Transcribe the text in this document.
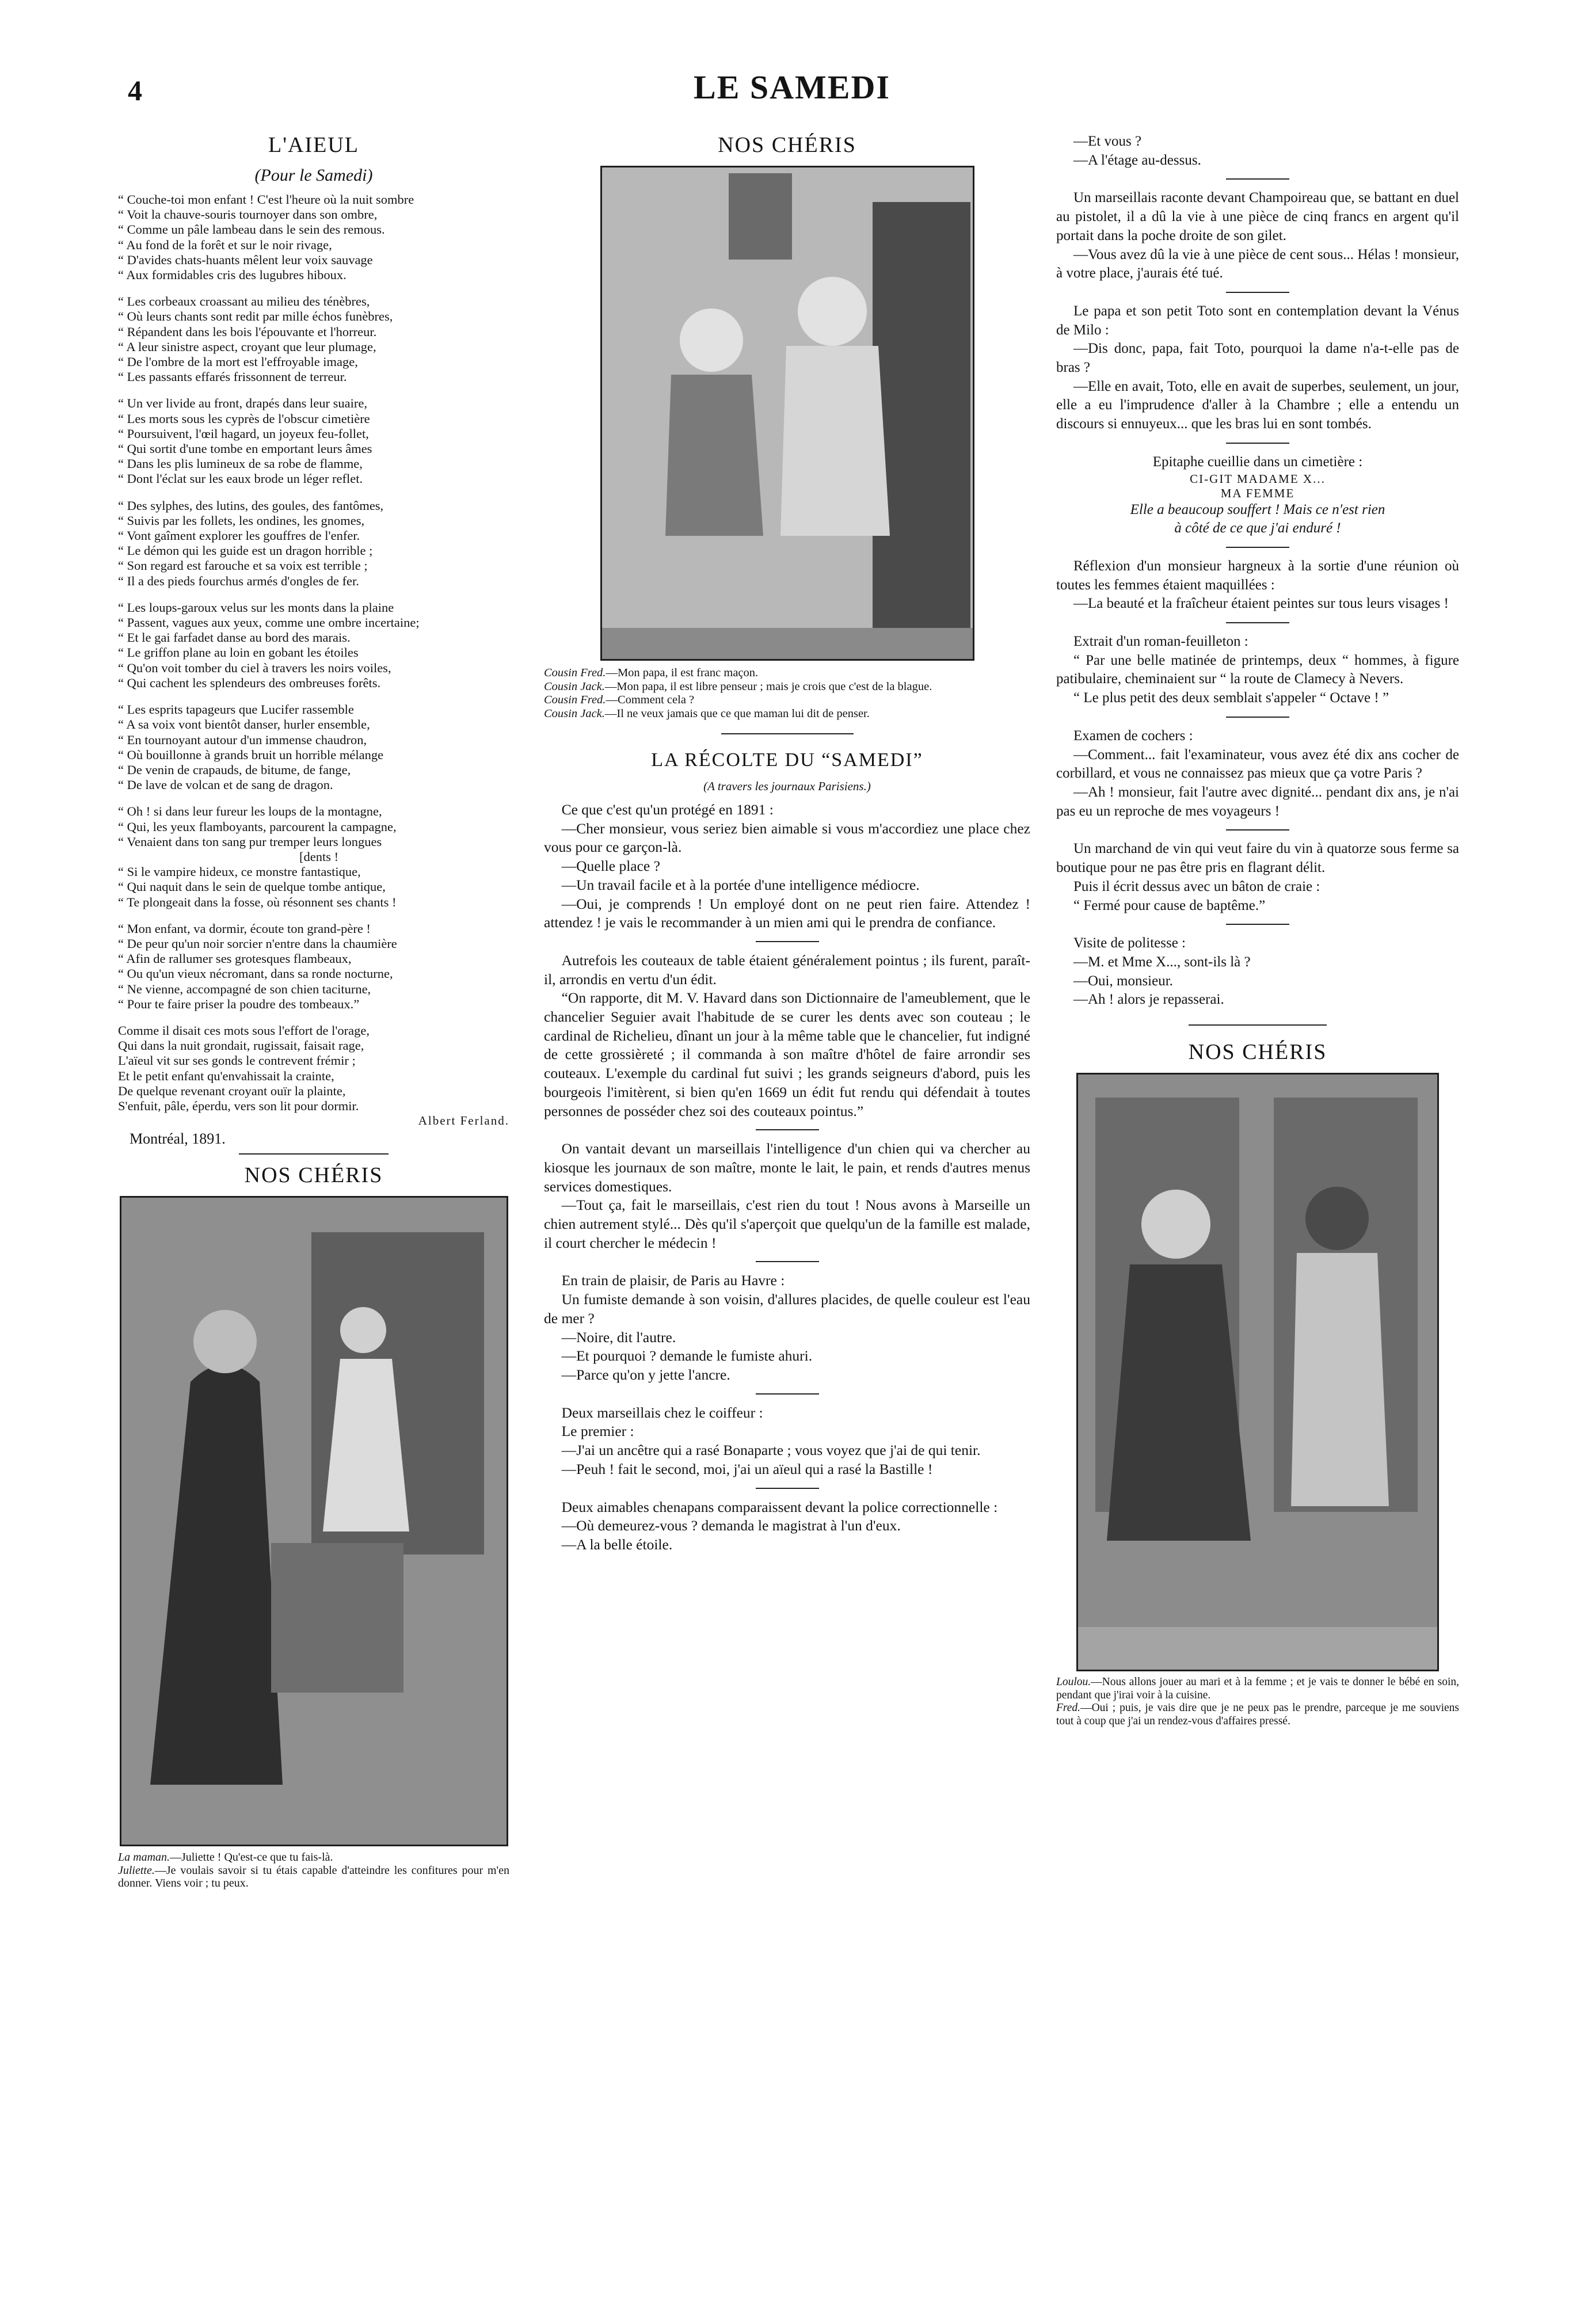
4	LE SAMEDI
L'AIEUL
(Pour le Samedi)
“ Couche-toi mon enfant ! C'est l'heure où la nuit sombre
“ Voit la chauve-souris tournoyer dans son ombre,
“ Comme un pâle lambeau dans le sein des remous.
“ Au fond de la forêt et sur le noir rivage,
“ D'avides chats-huants mêlent leur voix sauvage
“ Aux formidables cris des lugubres hiboux.
“ Les corbeaux croassant au milieu des ténèbres,
“ Où leurs chants sont redit par mille échos funèbres,
“ Répandent dans les bois l'épouvante et l'horreur.
“ A leur sinistre aspect, croyant que leur plumage,
“ De l'ombre de la mort est l'effroyable image,
“ Les passants effarés frissonnent de terreur.
“ Un ver livide au front, drapés dans leur suaire,
“ Les morts sous les cyprès de l'obscur cimetière
“ Poursuivent, l'œil hagard, un joyeux feu-follet,
“ Qui sortit d'une tombe en emportant leurs âmes
“ Dans les plis lumineux de sa robe de flamme,
“ Dont l'éclat sur les eaux brode un léger reflet.
“ Des sylphes, des lutins, des goules, des fantômes,
“ Suivis par les follets, les ondines, les gnomes,
“ Vont gaîment explorer les gouffres de l'enfer.
“ Le démon qui les guide est un dragon horrible ;
“ Son regard est farouche et sa voix est terrible ;
“ Il a des pieds fourchus armés d'ongles de fer.
“ Les loups-garoux velus sur les monts dans la plaine
“ Passent, vagues aux yeux, comme une ombre incertaine;
“ Et le gai farfadet danse au bord des marais.
“ Le griffon plane au loin en gobant les étoiles
“ Qu'on voit tomber du ciel à travers les noirs voiles,
“ Qui cachent les splendeurs des ombreuses forêts.
“ Les esprits tapageurs que Lucifer rassemble
“ A sa voix vont bientôt danser, hurler ensemble,
“ En tournoyant autour d'un immense chaudron,
“ Où bouillonne à grands bruit un horrible mélange
“ De venin de crapauds, de bitume, de fange,
“ De lave de volcan et de sang de dragon.
“ Oh ! si dans leur fureur les loups de la montagne,
“ Qui, les yeux flamboyants, parcourent la campagne,
“ Venaient dans ton sang pur tremper leurs longues
[dents !
“ Si le vampire hideux, ce monstre fantastique,
“ Qui naquit dans le sein de quelque tombe antique,
“ Te plongeait dans la fosse, où résonnent ses chants !
“ Mon enfant, va dormir, écoute ton grand-père !
“ De peur qu'un noir sorcier n'entre dans la chaumière
“ Afin de rallumer ses grotesques flambeaux,
“ Ou qu'un vieux nécromant, dans sa ronde nocturne,
“ Ne vienne, accompagné de son chien taciturne,
“ Pour te faire priser la poudre des tombeaux.”
Comme il disait ces mots sous l'effort de l'orage,
Qui dans la nuit grondait, rugissait, faisait rage,
L'aïeul vit sur ses gonds le contrevent frémir ;
Et le petit enfant qu'envahissait la crainte,
De quelque revenant croyant ouïr la plainte,
S'enfuit, pâle, éperdu, vers son lit pour dormir.
Albert Ferland.
Montréal, 1891.
NOS CHÉRIS
La maman.—Juliette ! Qu'est-ce que tu fais-là.
Juliette.—Je voulais savoir si tu étais capable d'atteindre les confitures pour m'en donner. Viens voir ; tu peux.
NOS CHÉRIS
Cousin Fred.—Mon papa, il est franc maçon.
Cousin Jack.—Mon papa, il est libre penseur ; mais je crois que c'est de la blague.
Cousin Fred.—Comment cela ?
Cousin Jack.—Il ne veux jamais que ce que maman lui dit de penser.
LA RÉCOLTE DU “SAMEDI”
(A travers les journaux Parisiens.)

Ce que c'est qu'un protégé en 1891 :

—Cher monsieur, vous seriez bien aimable si vous m'accordiez une place chez vous pour ce garçon-là.

—Quelle place ?

—Un travail facile et à la portée d'une intelligence médiocre.

—Oui, je comprends ! Un employé dont on ne peut rien faire. Attendez ! attendez ! je vais le recommander à un mien ami qui le prendra de confiance.

Autrefois les couteaux de table étaient généralement pointus ; ils furent, paraît-il, arrondis en vertu d'un édit.

“On rapporte, dit M. V. Havard dans son Dictionnaire de l'ameublement, que le chancelier Seguier avait l'habitude de se curer les dents avec son couteau ; le cardinal de Richelieu, dînant un jour à la même table que le chancelier, fut indigné de cette grossièreté ; il commanda à son maître d'hôtel de faire arrondir ses couteaux. L'exemple du cardinal fut suivi ; les grands seigneurs d'abord, puis les bourgeois l'imitèrent, si bien qu'en 1669 un édit fut rendu qui défendait à toutes personnes de posséder chez soi des couteaux pointus.”

On vantait devant un marseillais l'intelligence d'un chien qui va chercher au kiosque les journaux de son maître, monte le lait, le pain, et rends d'autres menus services domestiques.

—Tout ça, fait le marseillais, c'est rien du tout ! Nous avons à Marseille un chien autrement stylé... Dès qu'il s'aperçoit que quelqu'un de la famille est malade, il court chercher le médecin !

En train de plaisir, de Paris au Havre :

Un fumiste demande à son voisin, d'allures placides, de quelle couleur est l'eau de mer ?

—Noire, dit l'autre.

—Et pourquoi ? demande le fumiste ahuri.

—Parce qu'on y jette l'ancre.

Deux marseillais chez le coiffeur :

Le premier :

—J'ai un ancêtre qui a rasé Bonaparte ; vous voyez que j'ai de qui tenir.

—Peuh ! fait le second, moi, j'ai un aïeul qui a rasé la Bastille !

Deux aimables chenapans comparaissent devant la police correctionnelle :

—Où demeurez-vous ? demanda le magistrat à l'un d'eux.

—A la belle étoile.

—Et vous ?

—A l'étage au-dessus.

Un marseillais raconte devant Champoireau que, se battant en duel au pistolet, il a dû la vie à une pièce de cinq francs en argent qu'il portait dans la poche droite de son gilet.

—Vous avez dû la vie à une pièce de cent sous... Hélas ! monsieur, à votre place, j'aurais été tué.

Le papa et son petit Toto sont en contemplation devant la Vénus de Milo :

—Dis donc, papa, fait Toto, pourquoi la dame n'a-t-elle pas de bras ?

—Elle en avait, Toto, elle en avait de superbes, seulement, un jour, elle a eu l'imprudence d'aller à la Chambre ; elle a entendu un discours si ennuyeux... que les bras lui en sont tombés.

Epitaphe cueillie dans un cimetière :

CI-GIT MADAME X...
MA FEMME

Elle a beaucoup souffert ! Mais ce n'est rien

à côté de ce que j'ai enduré !

Réflexion d'un monsieur hargneux à la sortie d'une réunion où toutes les femmes étaient maquillées :

—La beauté et la fraîcheur étaient peintes sur tous leurs visages !

Extrait d'un roman-feuilleton :

“ Par une belle matinée de printemps, deux “ hommes, à figure patibulaire, cheminaient sur “ la route de Clamecy à Nevers.

“ Le plus petit des deux semblait s'appeler “ Octave ! ”

Examen de cochers :

—Comment... fait l'examinateur, vous avez été dix ans cocher de corbillard, et vous ne connaissez pas mieux que ça votre Paris ?

—Ah ! monsieur, fait l'autre avec dignité... pendant dix ans, je n'ai pas eu un reproche de mes voyageurs !

Un marchand de vin qui veut faire du vin à quatorze sous ferme sa boutique pour ne pas être pris en flagrant délit.

Puis il écrit dessus avec un bâton de craie :

“ Fermé pour cause de baptême.”

Visite de politesse :

—M. et Mme X..., sont-ils là ?

—Oui, monsieur.

—Ah ! alors je repasserai.

NOS CHÉRIS
Loulou.—Nous allons jouer au mari et à la femme ; et je vais te donner le bébé en soin, pendant que j'irai voir à la cuisine.
Fred.—Oui ; puis, je vais dire que je ne peux pas le prendre, parceque je me souviens tout à coup que j'ai un rendez-vous d'affaires pressé.
